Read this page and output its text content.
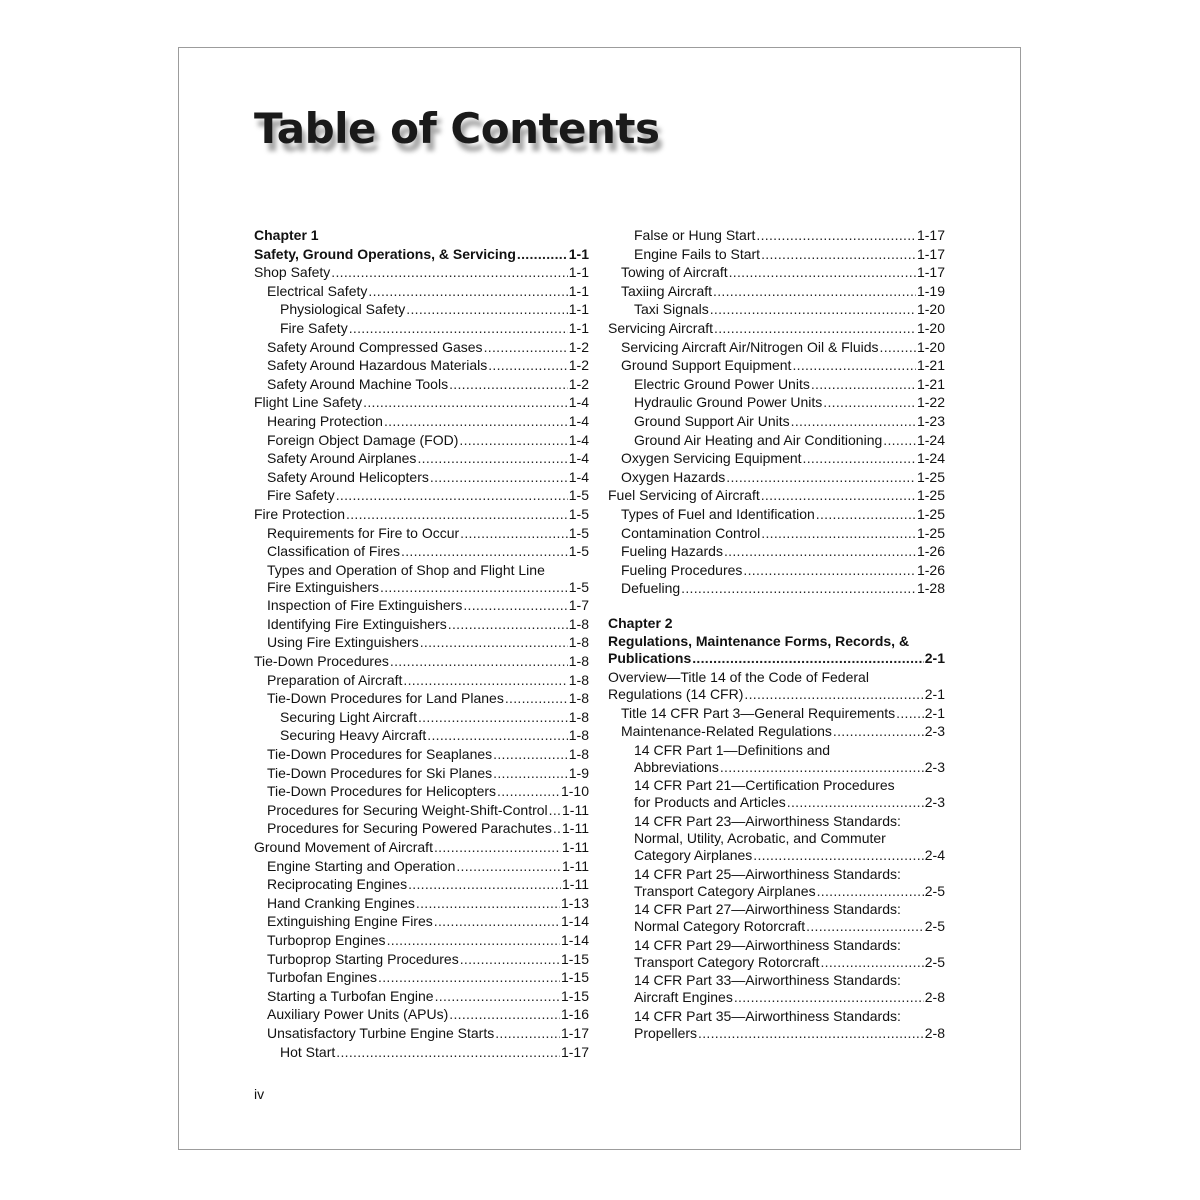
Table of Contents
Chapter 1
Safety, Ground Operations, & Servicing .....	1-1
Shop Safety .....	1-1
Electrical Safety .....	1-1
Physiological Safety .....	1-1
Fire Safety .....	1-1
Safety Around Compressed Gases .....	1-2
Safety Around Hazardous Materials .....	1-2
Safety Around Machine Tools .....	1-2
Flight Line Safety .....	1-4
Hearing Protection .....	1-4
Foreign Object Damage (FOD) .....	1-4
Safety Around Airplanes .....	1-4
Safety Around Helicopters .....	1-4
Fire Safety .....	1-5
Fire Protection .....	1-5
Requirements for Fire to Occur .....	1-5
Classification of Fires .....	1-5
Types and Operation of Shop and Flight Line
Fire Extinguishers .....	1-5
Inspection of Fire Extinguishers .....	1-7
Identifying Fire Extinguishers .....	1-8
Using Fire Extinguishers .....	1-8
Tie-Down Procedures .....	1-8
Preparation of Aircraft .....	1-8
Tie-Down Procedures for Land Planes .....	1-8
Securing Light Aircraft .....	1-8
Securing Heavy Aircraft .....	1-8
Tie-Down Procedures for Seaplanes .....	1-8
Tie-Down Procedures for Ski Planes .....	1-9
Tie-Down Procedures for Helicopters .....	1-10
Procedures for Securing Weight-Shift-Control ..... 1-11
Procedures for Securing Powered Parachutes ..... 1-11
Ground Movement of Aircraft .....	1-11
Engine Starting and Operation .....	1-11
Reciprocating Engines .....	1-11
Hand Cranking Engines .....	1-13
Extinguishing Engine Fires .....	1-14
Turboprop Engines .....	1-14
Turboprop Starting Procedures .....	1-15
Turbofan Engines .....	1-15
Starting a Turbofan Engine .....	1-15
Auxiliary Power Units (APUs) .....	1-16
Unsatisfactory Turbine Engine Starts .....	1-17
Hot Start .....	1-17
False or Hung Start .....	1-17
Engine Fails to Start .....	1-17
Towing of Aircraft .....	1-17
Taxiing Aircraft .....	1-19
Taxi Signals .....	1-20
Servicing Aircraft .....	1-20
Servicing Aircraft Air/Nitrogen Oil & Fluids .....	1-20
Ground Support Equipment .....	1-21
Electric Ground Power Units .....	1-21
Hydraulic Ground Power Units .....	1-22
Ground Support Air Units .....	1-23
Ground Air Heating and Air Conditioning ..... 1-24
Oxygen Servicing Equipment .....	1-24
Oxygen Hazards .....	1-25
Fuel Servicing of Aircraft .....	1-25
Types of Fuel and Identification .....	1-25
Contamination Control .....	1-25
Fueling Hazards .....	1-26
Fueling Procedures .....	1-26
Defueling .....	1-28
Chapter 2
Regulations, Maintenance Forms, Records, &
Publications .....	2-1
Overview—Title 14 of the Code of Federal
Regulations (14 CFR) .....	2-1
Title 14 CFR Part 3—General Requirements ..... 2-1
Maintenance-Related Regulations .....	2-3
14 CFR Part 1—Definitions and
Abbreviations .....	2-3
14 CFR Part 21—Certification Procedures
for Products and Articles .....	2-3
14 CFR Part 23—Airworthiness Standards:
Normal, Utility, Acrobatic, and Commuter
Category Airplanes .....	2-4
14 CFR Part 25—Airworthiness Standards:
Transport Category Airplanes .....	2-5
14 CFR Part 27—Airworthiness Standards:
Normal Category Rotorcraft .....	2-5
14 CFR Part 29—Airworthiness Standards:
Transport Category Rotorcraft .....	2-5
14 CFR Part 33—Airworthiness Standards:
Aircraft Engines .....	2-8
14 CFR Part 35—Airworthiness Standards:
Propellers .....	2-8
iv
